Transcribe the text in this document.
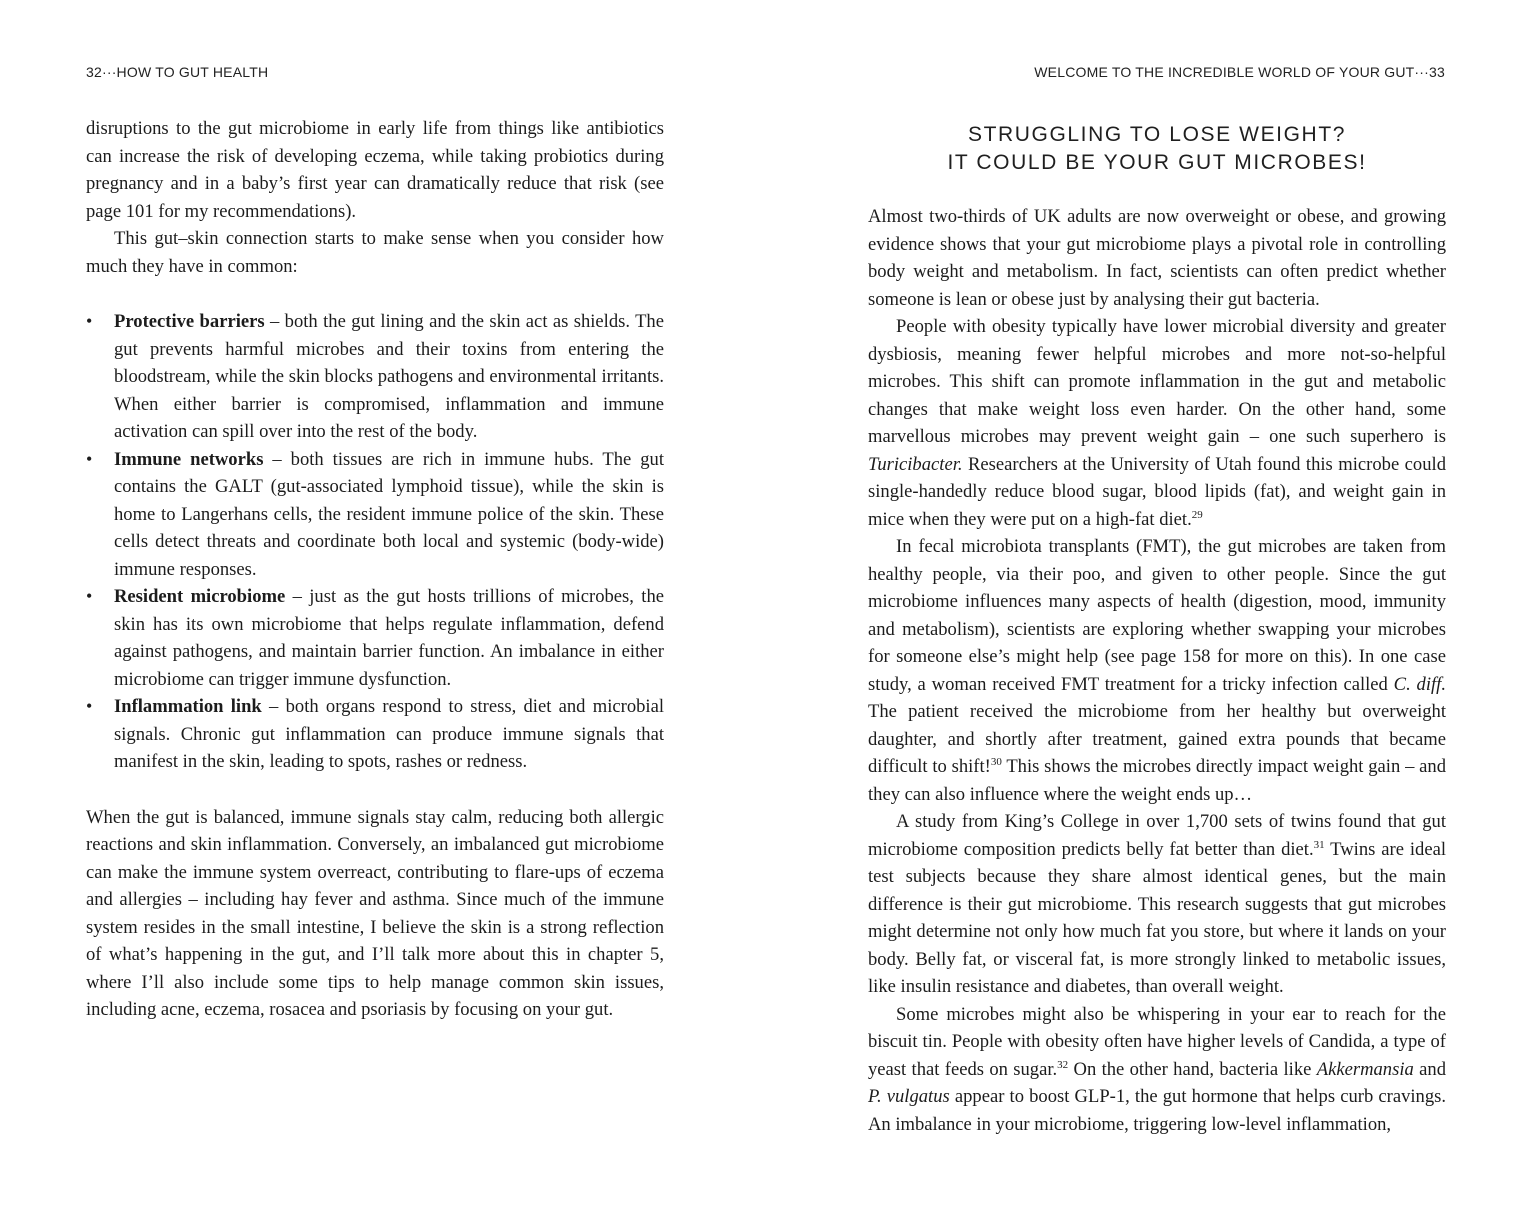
32···HOW TO GUT HEALTH

disruptions to the gut microbiome in early life from things like antibiotics can increase the risk of developing eczema, while taking probiotics during pregnancy and in a baby’s first year can dramatically reduce that risk (see page 101 for my recommendations).

This gut–skin connection starts to make sense when you consider how much they have in common:

• Protective barriers – both the gut lining and the skin act as shields. The gut prevents harmful microbes and their toxins from entering the bloodstream, while the skin blocks pathogens and environmental irritants. When either barrier is compromised, inflammation and immune activation can spill over into the rest of the body.

• Immune networks – both tissues are rich in immune hubs. The gut contains the GALT (gut-associated lymphoid tissue), while the skin is home to Langerhans cells, the resident immune police of the skin. These cells detect threats and coordinate both local and systemic (body-wide) immune responses.

• Resident microbiome – just as the gut hosts trillions of microbes, the skin has its own microbiome that helps regulate inflammation, defend against pathogens, and maintain barrier function. An imbalance in either microbiome can trigger immune dysfunction.

• Inflammation link – both organs respond to stress, diet and microbial signals. Chronic gut inflammation can produce immune signals that manifest in the skin, leading to spots, rashes or redness.

When the gut is balanced, immune signals stay calm, reducing both allergic reactions and skin inflammation. Conversely, an imbalanced gut microbiome can make the immune system overreact, contributing to flare-ups of eczema and allergies – including hay fever and asthma. Since much of the immune system resides in the small intestine, I believe the skin is a strong reflection of what’s happening in the gut, and I’ll talk more about this in chapter 5, where I’ll also include some tips to help manage common skin issues, including acne, eczema, rosacea and psoriasis by focusing on your gut.

WELCOME TO THE INCREDIBLE WORLD OF YOUR GUT···33
STRUGGLING TO LOSE WEIGHT?
IT COULD BE YOUR GUT MICROBES!

Almost two-thirds of UK adults are now overweight or obese, and growing evidence shows that your gut microbiome plays a pivotal role in controlling body weight and metabolism. In fact, scientists can often predict whether someone is lean or obese just by analysing their gut bacteria.

People with obesity typically have lower microbial diversity and greater dysbiosis, meaning fewer helpful microbes and more not-so-helpful microbes. This shift can promote inflammation in the gut and metabolic changes that make weight loss even harder. On the other hand, some marvellous microbes may prevent weight gain – one such superhero is Turicibacter. Researchers at the University of Utah found this microbe could single-handedly reduce blood sugar, blood lipids (fat), and weight gain in mice when they were put on a high-fat diet.$^{29}$

In fecal microbiota transplants (FMT), the gut microbes are taken from healthy people, via their poo, and given to other people. Since the gut microbiome influences many aspects of health (digestion, mood, immunity and metabolism), scientists are exploring whether swapping your microbes for someone else’s might help (see page 158 for more on this). In one case study, a woman received FMT treatment for a tricky infection called C. diff. The patient received the microbiome from her healthy but overweight daughter, and shortly after treatment, gained extra pounds that became difficult to shift!$^{30}$ This shows the microbes directly impact weight gain – and they can also influence where the weight ends up…

A study from King’s College in over 1,700 sets of twins found that gut microbiome composition predicts belly fat better than diet.$^{31}$ Twins are ideal test subjects because they share almost identical genes, but the main difference is their gut microbiome. This research suggests that gut microbes might determine not only how much fat you store, but where it lands on your body. Belly fat, or visceral fat, is more strongly linked to metabolic issues, like insulin resistance and diabetes, than overall weight.

Some microbes might also be whispering in your ear to reach for the biscuit tin. People with obesity often have higher levels of Candida, a type of yeast that feeds on sugar.$^{32}$ On the other hand, bacteria like Akkermansia and P. vulgatus appear to boost GLP-1, the gut hormone that helps curb cravings. An imbalance in your microbiome, triggering low-level inflammation,
